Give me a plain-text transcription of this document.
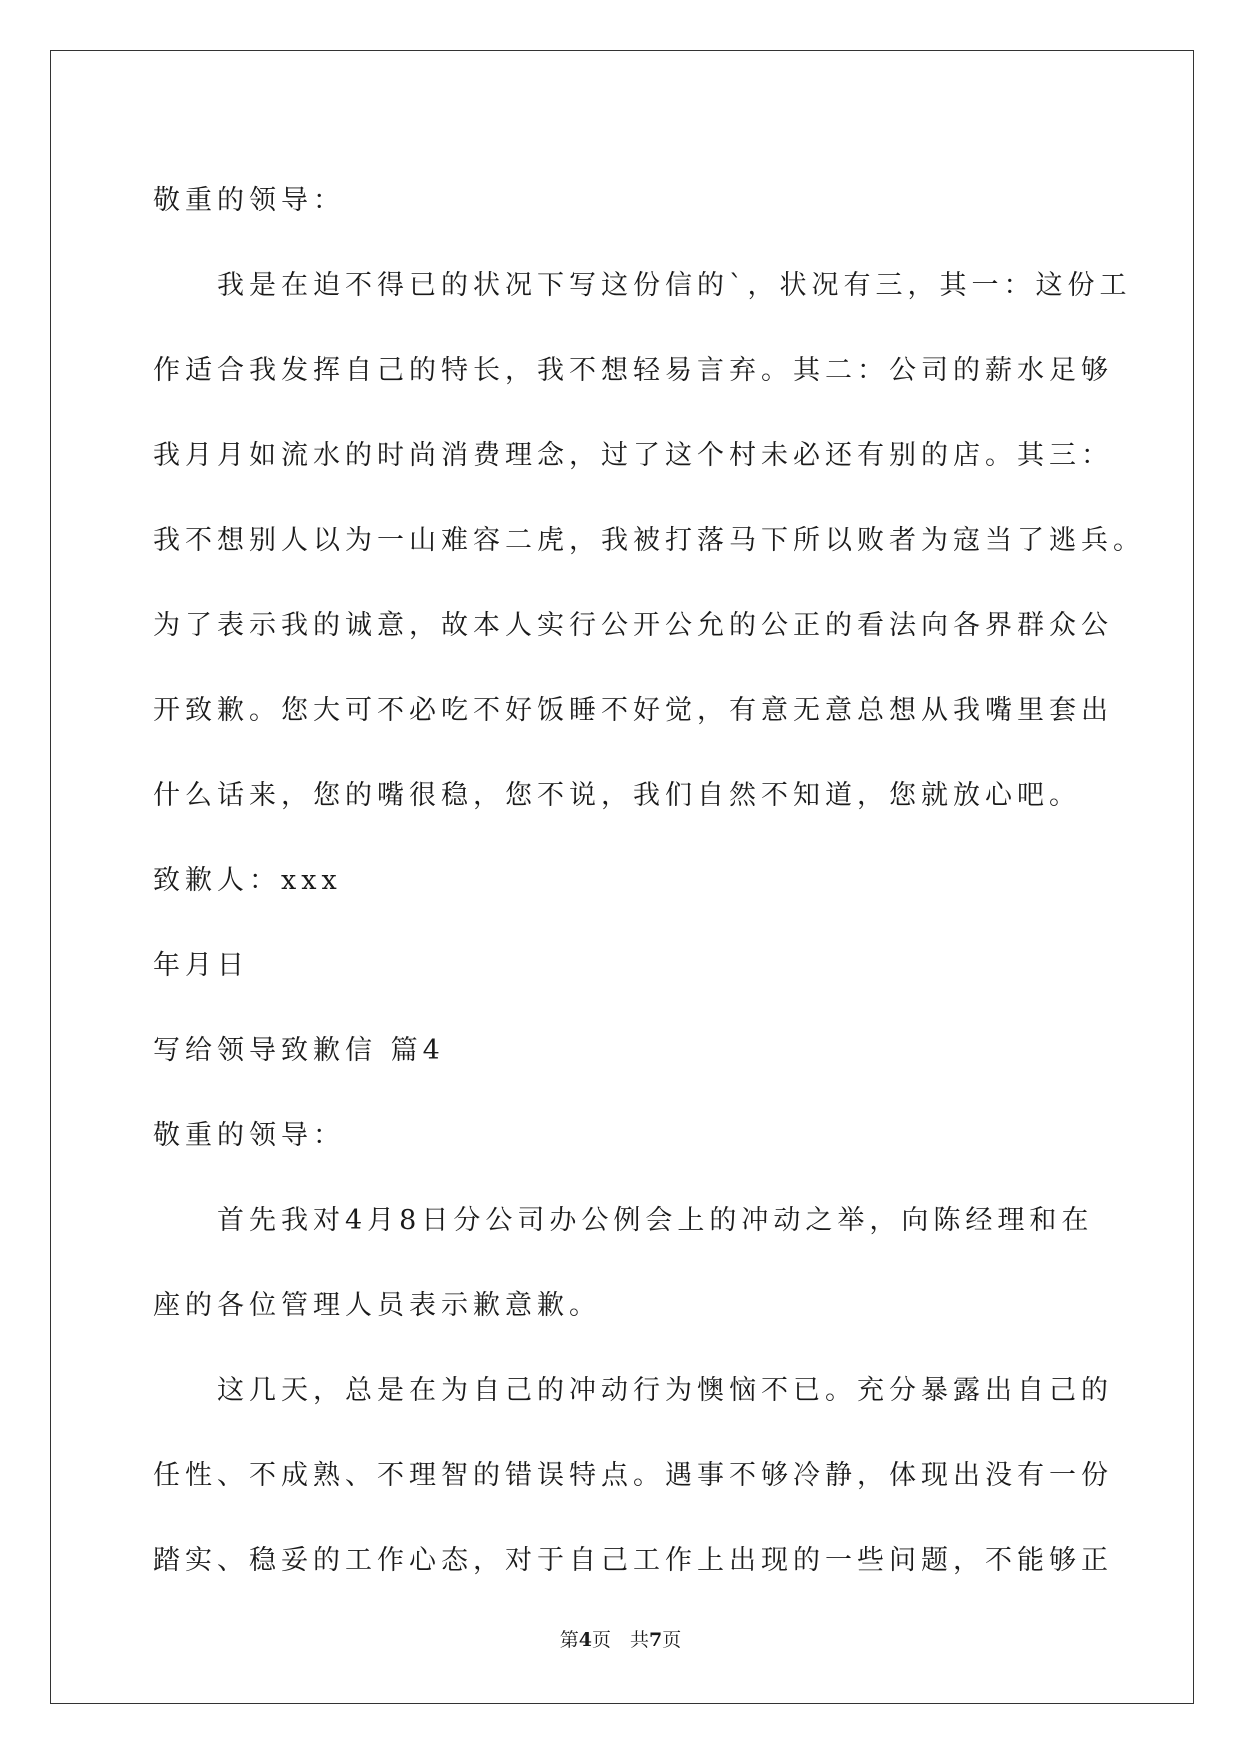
敬重的领导：
我是在迫不得已的状况下写这份信的`，状况有三，其一：这份工
作适合我发挥自己的特长，我不想轻易言弃。其二：公司的薪水足够
我月月如流水的时尚消费理念，过了这个村未必还有别的店。其三：
我不想别人以为一山难容二虎，我被打落马下所以败者为寇当了逃兵。
为了表示我的诚意，故本人实行公开公允的公正的看法向各界群众公
开致歉。您大可不必吃不好饭睡不好觉，有意无意总想从我嘴里套出
什么话来，您的嘴很稳，您不说，我们自然不知道，您就放心吧。
致歉人：xxx
年月日
写给领导致歉信 篇4
敬重的领导：
首先我对4月8日分公司办公例会上的冲动之举，向陈经理和在
座的各位管理人员表示歉意歉。
这几天，总是在为自己的冲动行为懊恼不已。充分暴露出自己的
任性、不成熟、不理智的错误特点。遇事不够冷静，体现出没有一份
踏实、稳妥的工作心态，对于自己工作上出现的一些问题，不能够正
第4页　共7页
